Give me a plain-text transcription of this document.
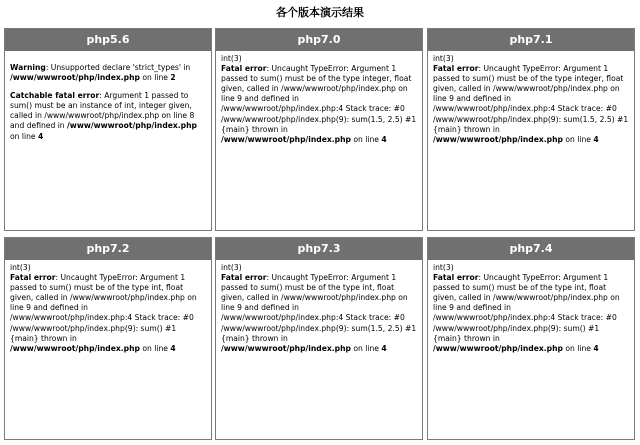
各个版本演示结果
php5.6

Warning: Unsupported declare 'strict_types' in /www/wwwroot/php/index.php on line 2

Catchable fatal error: Argument 1 passed to sum() must be an instance of int, integer given, called in /www/wwwroot/php/index.php on line 8 and defined in /www/wwwroot/php/index.php on line 4

php7.0

int(3)

Fatal error: Uncaught TypeError: Argument 1 passed to sum() must be of the type integer, float given, called in /www/wwwroot/php/index.php on line 9 and defined in /www/wwwroot/php/index.php:4 Stack trace: #0 /www/wwwroot/php/index.php(9): sum(1.5, 2.5) #1 {main} thrown in /www/wwwroot/php/index.php on line 4

php7.1

int(3)

Fatal error: Uncaught TypeError: Argument 1 passed to sum() must be of the type integer, float given, called in /www/wwwroot/php/index.php on line 9 and defined in /www/wwwroot/php/index.php:4 Stack trace: #0 /www/wwwroot/php/index.php(9): sum(1.5, 2.5) #1 {main} thrown in /www/wwwroot/php/index.php on line 4

php7.2

int(3)

Fatal error: Uncaught TypeError: Argument 1 passed to sum() must be of the type int, float given, called in /www/wwwroot/php/index.php on line 9 and defined in /www/wwwroot/php/index.php:4 Stack trace: #0 /www/wwwroot/php/index.php(9): sum() #1 {main} thrown in /www/wwwroot/php/index.php on line 4

php7.3

int(3)

Fatal error: Uncaught TypeError: Argument 1 passed to sum() must be of the type int, float given, called in /www/wwwroot/php/index.php on line 9 and defined in /www/wwwroot/php/index.php:4 Stack trace: #0 /www/wwwroot/php/index.php(9): sum(1.5, 2.5) #1 {main} thrown in /www/wwwroot/php/index.php on line 4

php7.4

int(3)

Fatal error: Uncaught TypeError: Argument 1 passed to sum() must be of the type int, float given, called in /www/wwwroot/php/index.php on line 9 and defined in /www/wwwroot/php/index.php:4 Stack trace: #0 /www/wwwroot/php/index.php(9): sum() #1 {main} thrown in /www/wwwroot/php/index.php on line 4
